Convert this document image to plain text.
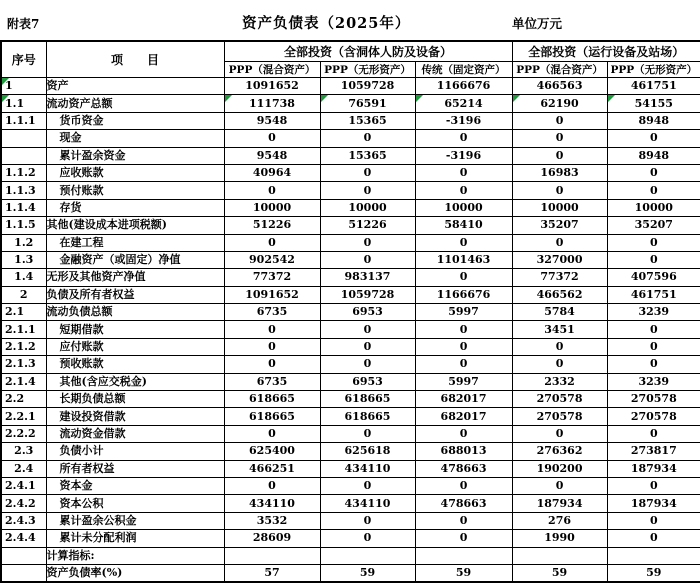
附表7	资产负债表（2025年）	单位万元
序号	项　　目	全部投资（含洞体人防及设备）			全部投资（运行设备及站场）	
		PPP（混合资产）	PPP（无形资产）	传统（固定资产）	PPP（混合资产）	PPP（无形资产）
1	资产	1091652	1059728	1166676	466563	461751
1.1	流动资产总额	111738	76591	65214	62190	54155

1.1.1	货币资金	9548	15365	-3196	0	8948
	现金	0	0	0	0	0
	累计盈余资金	9548	15365	-3196	0	8948
1.1.2	应收账款	40964	0	0	16983	0
1.1.3	预付账款	0	0	0	0	0
1.1.4	存货	10000	10000	10000	10000	10000
1.1.5	其他(建设成本进项税额)	51226	51226	58410	35207	35207
1.2	在建工程	0	0	0	0	0
1.3	金融资产（或固定）净值	902542	0	1101463	327000	0
1.4	无形及其他资产净值	77372	983137	0	77372	407596
2	负债及所有者权益	1091652	1059728	1166676	466562	461751
2.1	流动负债总额	6735	6953	5997	5784	3239
2.1.1	短期借款	0	0	0	3451	0
2.1.2	应付账款	0	0	0	0	0
2.1.3	预收账款	0	0	0	0	0
2.1.4	其他(含应交税金)	6735	6953	5997	2332	3239
2.2	长期负债总额	618665	618665	682017	270578	270578
2.2.1	建设投资借款	618665	618665	682017	270578	270578
2.2.2	流动资金借款	0	0	0	0	0
2.3	负债小计	625400	625618	688013	276362	273817
2.4	所有者权益	466251	434110	478663	190200	187934
2.4.1	资本金	0	0	0	0	0
2.4.2	资本公积	434110	434110	478663	187934	187934
2.4.3	累计盈余公积金	3532	0	0	276	0
2.4.4	累计未分配利润	28609	0	0	1990	0
	计算指标:					
	资产负债率(%)	57	59	59	59	59
